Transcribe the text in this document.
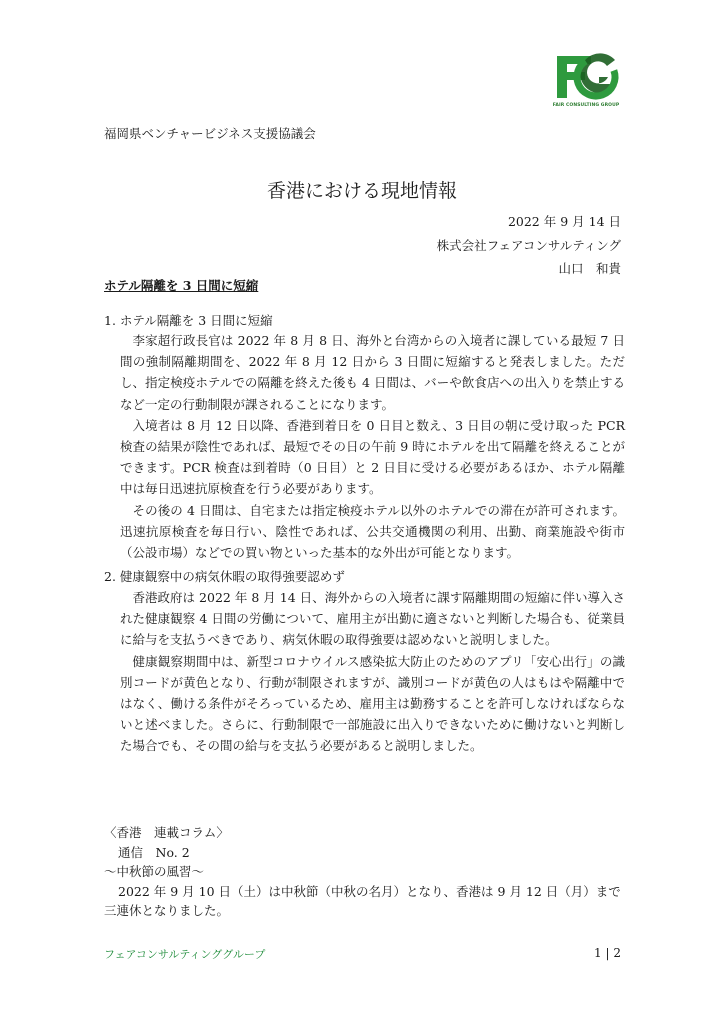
FAIR CONSULTING GROUP
福岡県ベンチャービジネス支援協議会
香港における現地情報
2022 年 9 月 14 日
株式会社フェアコンサルティング
山口　和貴
ホテル隔離を 3 日間に短縮
1. ホテル隔離を 3 日間に短縮

李家超行政長官は 2022 年 8 月 8 日、海外と台湾からの入境者に課している最短 7 日間の強制隔離期間を、2022 年 8 月 12 日から 3 日間に短縮すると発表しました。ただし、指定検疫ホテルでの隔離を終えた後も 4 日間は、バーや飲食店への出入りを禁止するなど一定の行動制限が課されることになります。

入境者は 8 月 12 日以降、香港到着日を 0 日目と数え、3 日目の朝に受け取った PCR 検査の結果が陰性であれば、最短でその日の午前 9 時にホテルを出て隔離を終えることができます。PCR 検査は到着時（0 日目）と 2 日目に受ける必要があるほか、ホテル隔離中は毎日迅速抗原検査を行う必要があります。

その後の 4 日間は、自宅または指定検疫ホテル以外のホテルでの滞在が許可されます。迅速抗原検査を毎日行い、陰性であれば、公共交通機関の利用、出勤、商業施設や街市（公設市場）などでの買い物といった基本的な外出が可能となります。

2. 健康観察中の病気休暇の取得強要認めず

香港政府は 2022 年 8 月 14 日、海外からの入境者に課す隔離期間の短縮に伴い導入された健康観察 4 日間の労働について、雇用主が出勤に適さないと判断した場合も、従業員に給与を支払うべきであり、病気休暇の取得強要は認めないと説明しました。

健康観察期間中は、新型コロナウイルス感染拡大防止のためのアプリ「安心出行」の識別コードが黄色となり、行動が制限されますが、識別コードが黄色の人はもはや隔離中ではなく、働ける条件がそろっているため、雇用主は勤務することを許可しなければならないと述べました。さらに、行動制限で一部施設に出入りできないために働けないと判断した場合でも、その間の給与を支払う必要があると説明しました。

〈香港　連載コラム〉
通信　No. 2
〜中秋節の風習〜
2022 年 9 月 10 日（土）は中秋節（中秋の名月）となり、香港は 9 月 12 日（月）まで
三連休となりました。
フェアコンサルティンググループ	1 | 2
